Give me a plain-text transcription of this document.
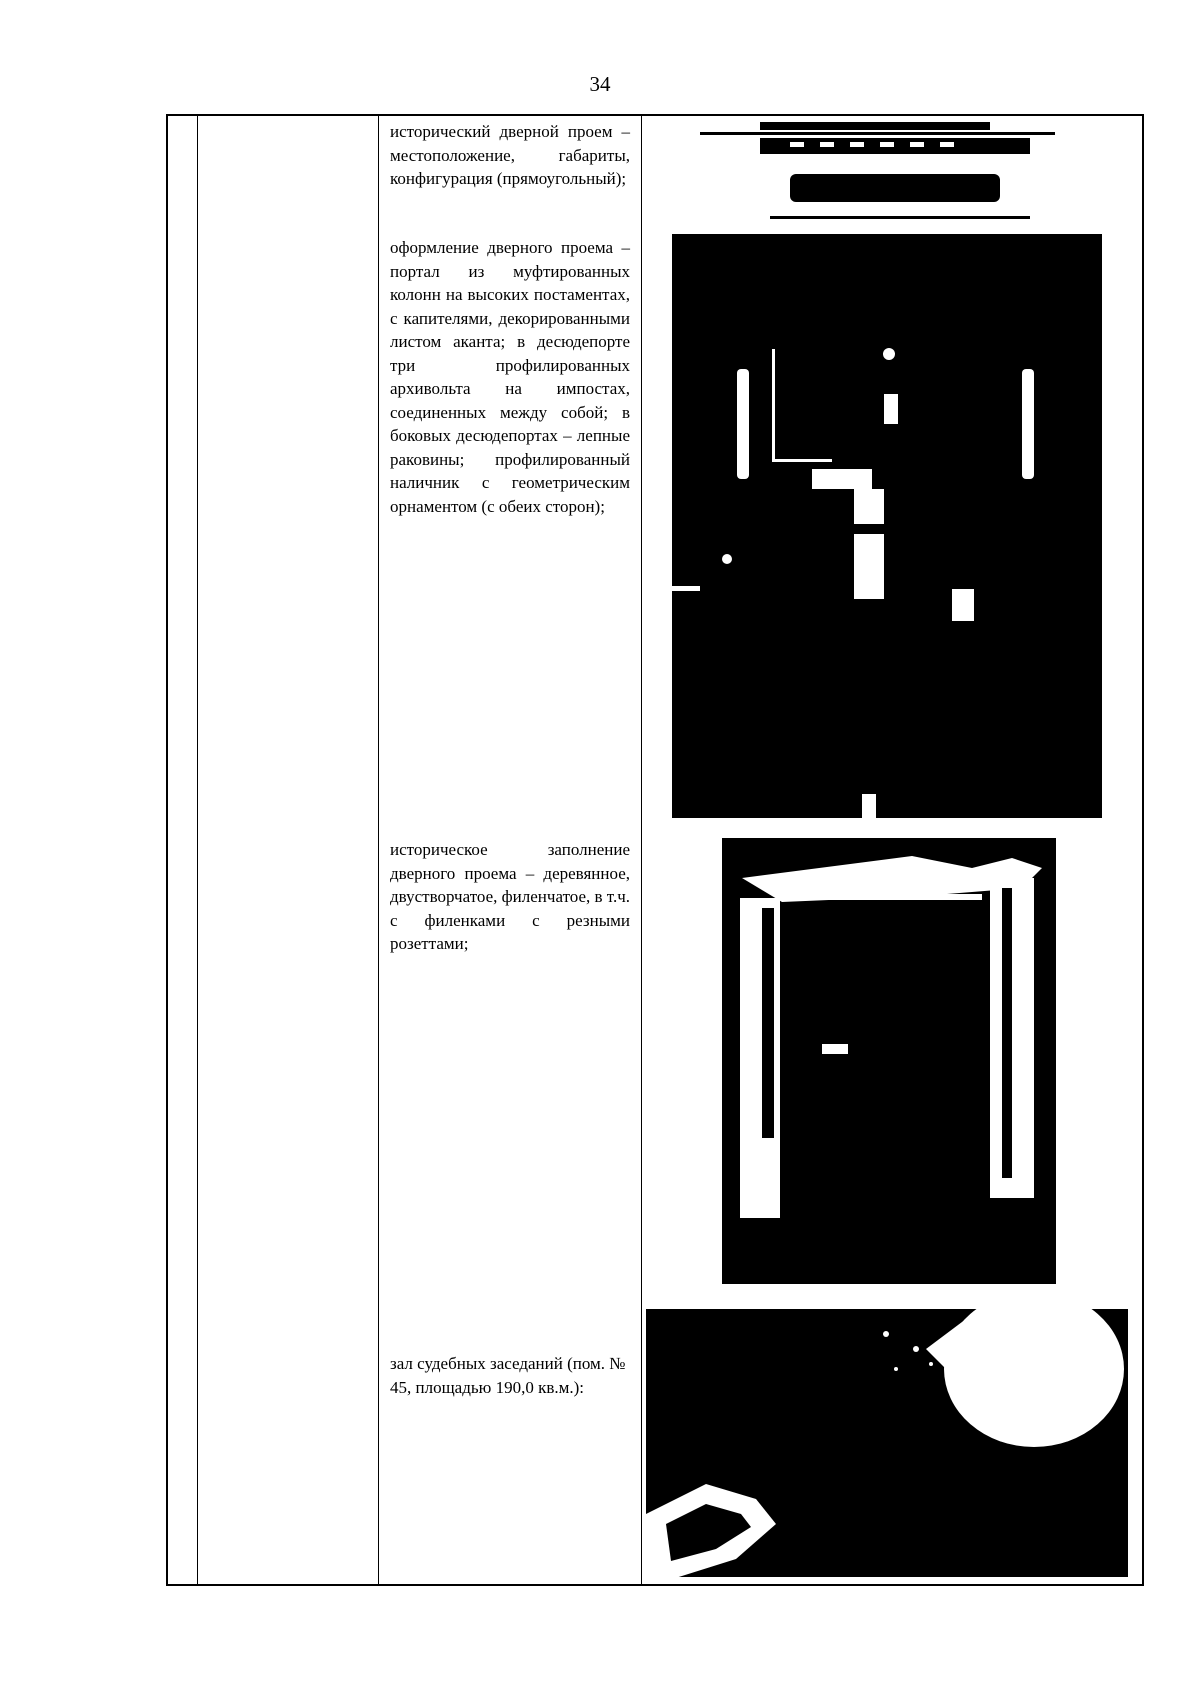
34
исторический дверной проем – местоположение, габариты, конфигурация (прямоугольный);
оформление дверного проема – портал из муфтированных колонн на высоких постаментах, с капителями, декорированными листом аканта; в десюдепорте три профилированных архивольта на импостах, соединенных между собой; в боковых десюдепортах – лепные раковины; профилированный наличник с геометрическим орнаментом (с обеих сторон);
историческое заполнение дверного проема – деревянное, двустворчатое, филенчатое, в т.ч. с филенками с резными розеттами;
зал судебных заседаний (пом. № 45, площадью 190,0 кв.м.):
